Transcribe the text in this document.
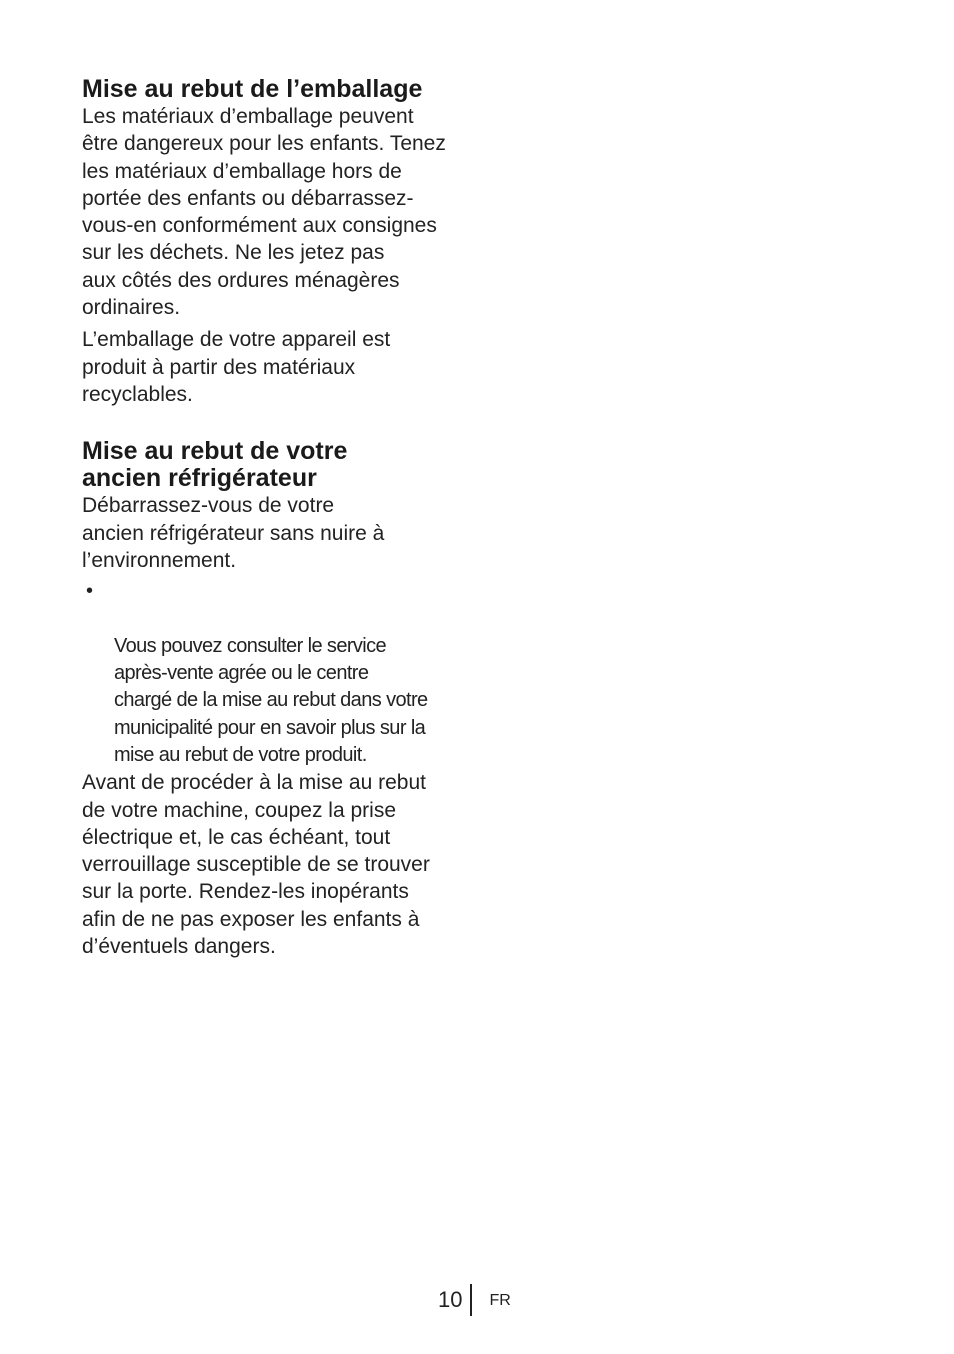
Mise au rebut de l’emballage

Les matériaux d’emballage peuvent
être dangereux pour les enfants. Tenez
les matériaux d’emballage hors de
portée des enfants ou débarrassez-
vous-en conformément aux consignes
sur les déchets. Ne les jetez pas
aux côtés des ordures ménagères
ordinaires.

L’emballage de votre appareil est
produit à partir des matériaux
recyclables.

Mise au rebut de votre
ancien réfrigérateur

Débarrassez-vous de votre
ancien réfrigérateur sans nuire à
l’environnement.

•

Vous pouvez consulter le service
après-vente agrée ou le centre
chargé de la mise au rebut dans votre
municipalité pour en savoir plus sur la
mise au rebut de votre produit.

Avant de procéder à la mise au rebut
de votre machine, coupez la prise
électrique et, le cas échéant, tout
verrouillage susceptible de se trouver
sur la porte. Rendez-les inopérants
afin de ne pas exposer les enfants à
d’éventuels dangers.

10	FR
